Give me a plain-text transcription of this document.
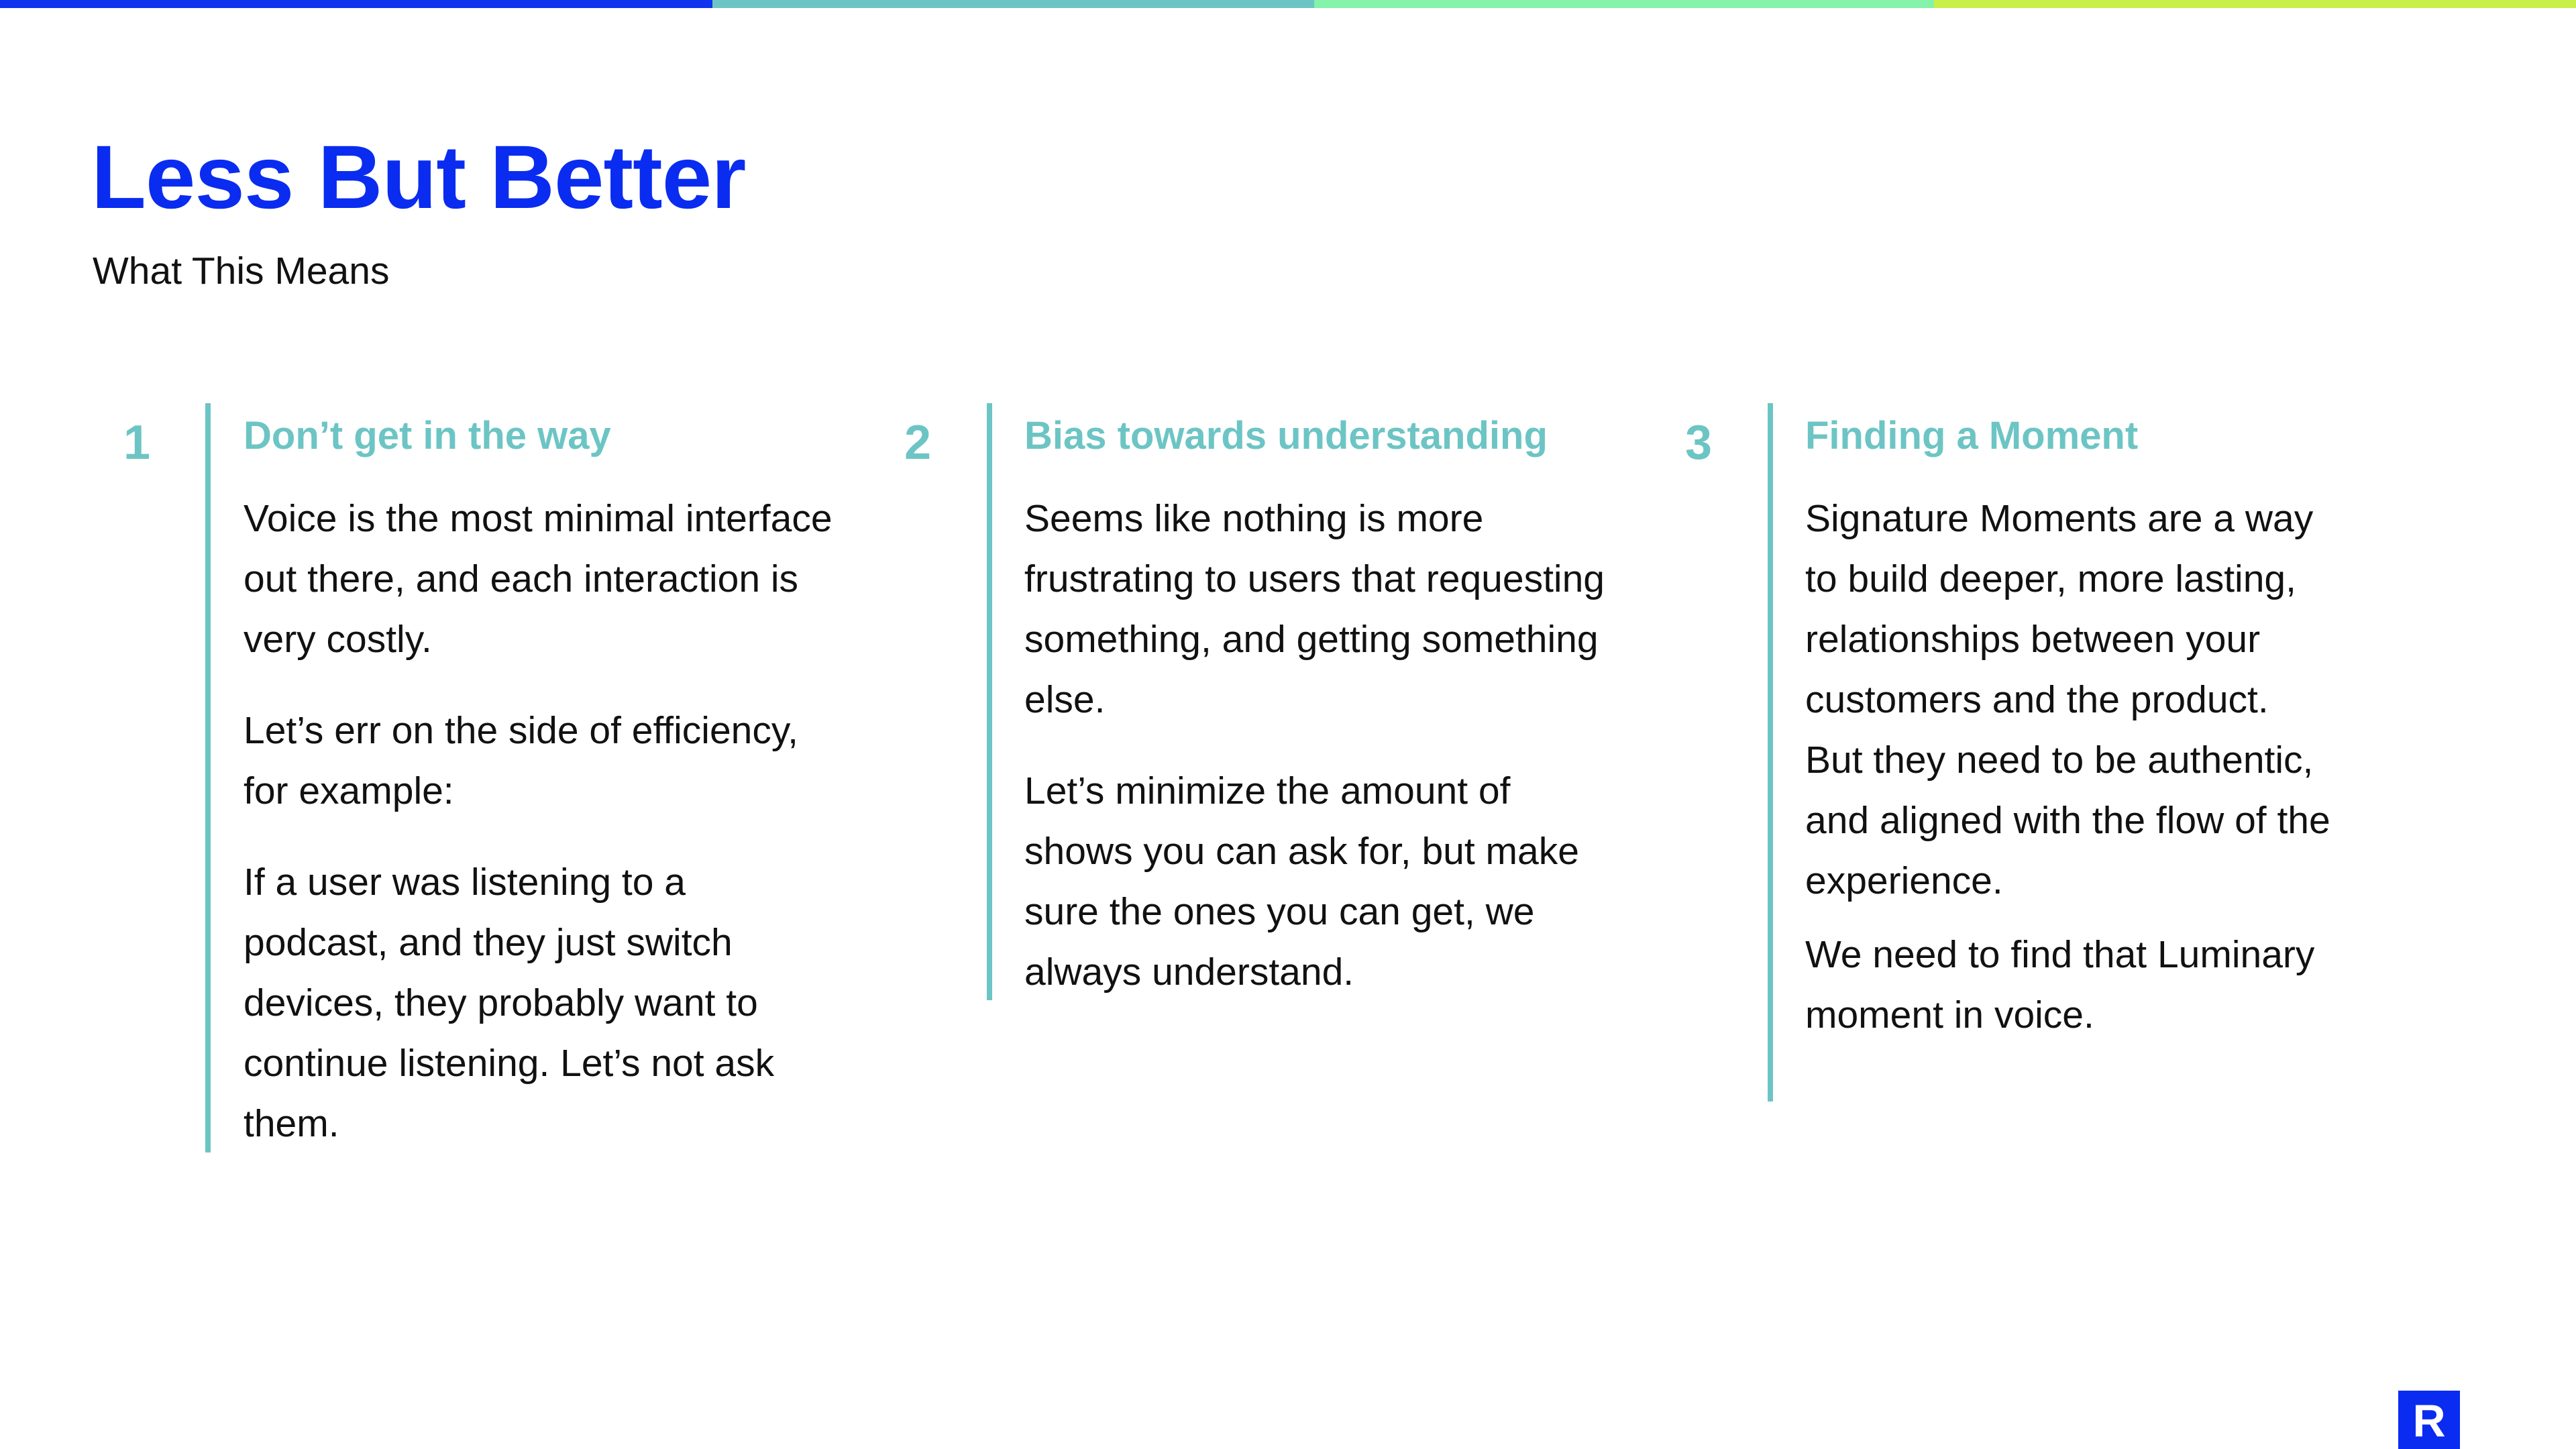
Less But Better

What This Means

1	Don’t get in the way

Voice is the most minimal interface out there, and each interaction is very costly.

Let’s err on the side of efficiency, for example:

If a user was listening to a podcast, and they just switch devices, they probably want to continue listening. Let’s not ask them.

2	Bias towards understanding

Seems like nothing is more frustrating to users that requesting something, and getting something else.

Let’s minimize the amount of shows you can ask for, but make sure the ones you can get, we always understand.

3	Finding a Moment

Signature Moments are a way to build deeper, more lasting, relationships between your customers and the product. But they need to be authentic, and aligned with the flow of the experience.

We need to find that Luminary moment in voice.

R
